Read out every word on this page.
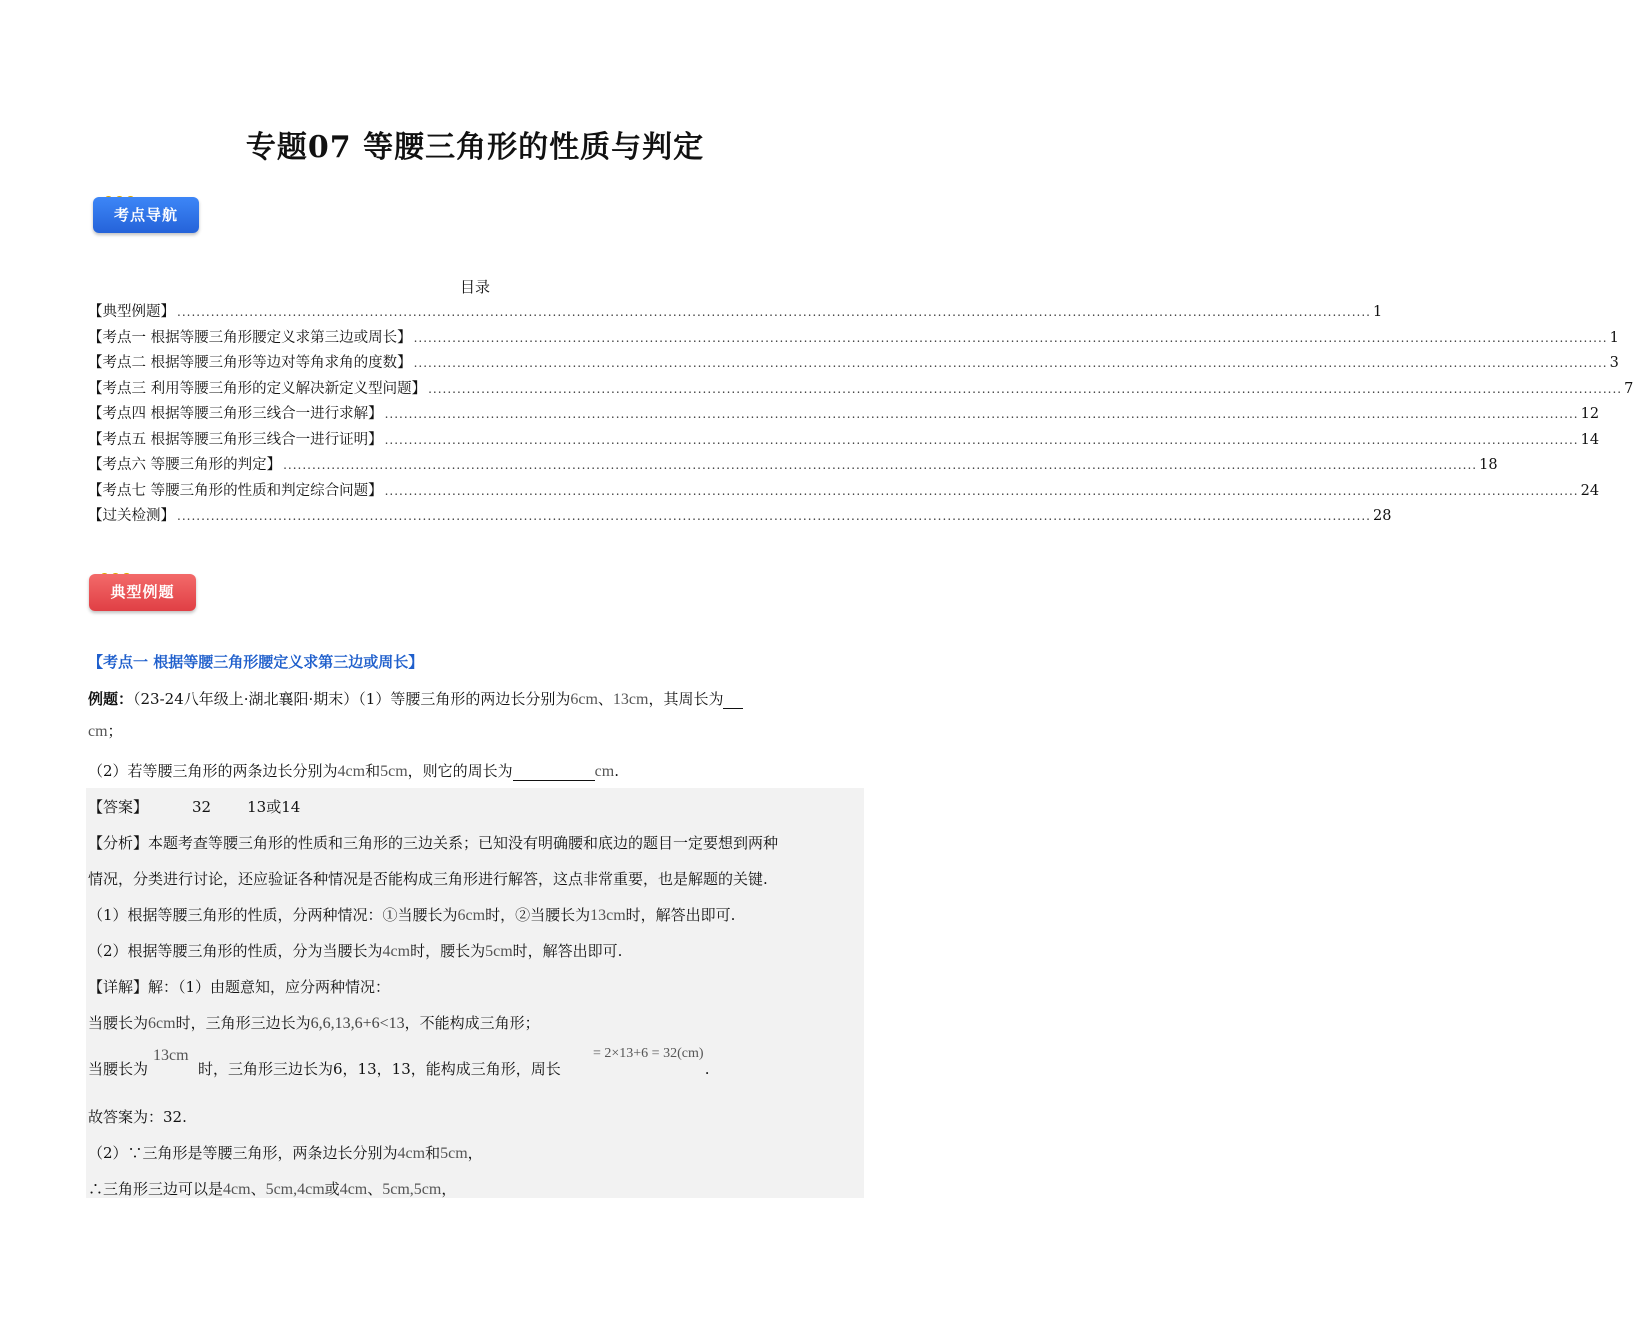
专题07 等腰三角形的性质与判定
考点导航
目录
【典型例题】 ........................................................................................................................................................................................................................................................ 1
【考点一 根据等腰三角形腰定义求第三边或周长】 ........................................................................................................................................................................................................................................................ 1
【考点二 根据等腰三角形等边对等角求角的度数】 ........................................................................................................................................................................................................................................................ 3
【考点三 利用等腰三角形的定义解决新定义型问题】 ........................................................................................................................................................................................................................................................ 7
【考点四 根据等腰三角形三线合一进行求解】 ........................................................................................................................................................................................................................................................ 12
【考点五 根据等腰三角形三线合一进行证明】 ........................................................................................................................................................................................................................................................ 14
【考点六 等腰三角形的判定】 ........................................................................................................................................................................................................................................................ 18
【考点七 等腰三角形的性质和判定综合问题】 ........................................................................................................................................................................................................................................................ 24
【过关检测】 ........................................................................................................................................................................................................................................................ 28
典型例题
【考点一 根据等腰三角形腰定义求第三边或周长】
例题：（23-24八年级上·湖北襄阳·期末）（1）等腰三角形的两边长分别为6cm、13cm，其周长为
cm；
（2）若等腰三角形的两条边长分别为4cm和5cm，则它的周长为	cm.
【答案】	32 13或14
【分析】本题考查等腰三角形的性质和三角形的三边关系；已知没有明确腰和底边的题目一定要想到两种
情况，分类进行讨论，还应验证各种情况是否能构成三角形进行解答，这点非常重要，也是解题的关键.
（1）根据等腰三角形的性质，分两种情况：①当腰长为6cm时，②当腰长为13cm时，解答出即可.
（2）根据等腰三角形的性质，分为当腰长为4cm时，腰长为5cm时，解答出即可.
【详解】解：（1）由题意知，应分两种情况：
当腰长为6cm时，三角形三边长为6,6,13,6+6<13，不能构成三角形；
13cm	= 2×13+6 = 32(cm)
当腰长为	时，三角形三边长为6，13，13，能构成三角形，周长	.
故答案为：32.
（2）∵三角形是等腰三角形，两条边长分别为4cm和5cm，
∴三角形三边可以是4cm、5cm,4cm或4cm、5cm,5cm，
